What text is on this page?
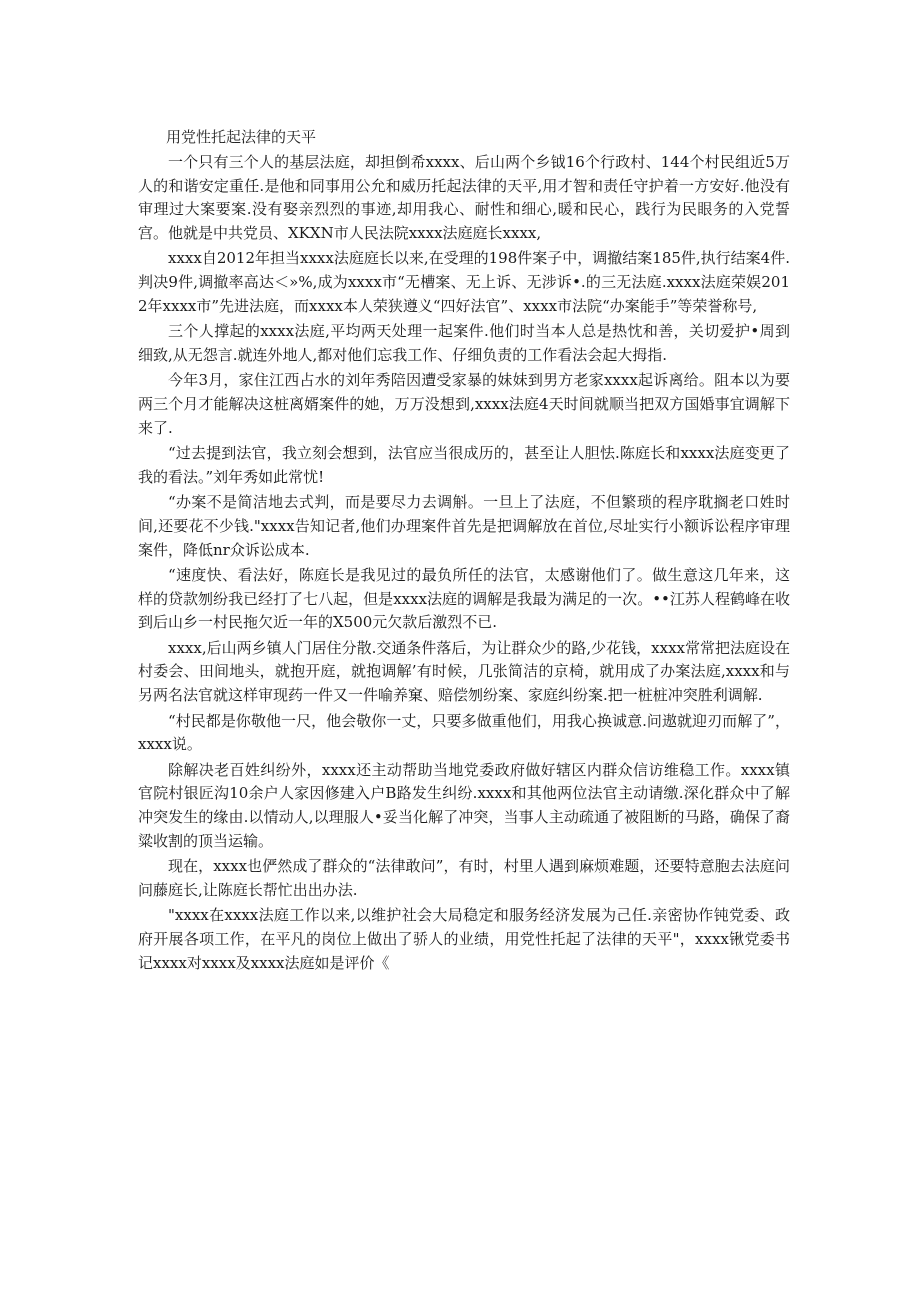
用党性托起法律的天平

一个只有三个人的基层法庭，却担倒希xxxx、后山两个乡钺16个行政村、144个村民组近5万人的和谐安定重任.是他和同事用公允和威历托起法律的天平,用才智和责任守护着一方安好.他没有审理过大案要案.没有娶亲烈烈的事迹,却用我心、耐性和细心,暖和民心，践行为民眼务的入党誓宫。他就是中共党员、XKXN市人民法院xxxx法庭庭长xxxx,

xxxx自2012年担当xxxx法庭庭长以来,在受理的198件案子中，调撤结案185件,执行结案4件.判决9件,调撤率高达＜»%,成为xxxx市“无槽案、无上诉、无涉诉•.的三无法庭.xxxx法庭荣娱2012年xxxx市”先进法庭，而xxxx本人荣狭遵义“四好法官”、xxxx市法院“办案能手”等荣誉称号,

三个人撑起的xxxx法庭,平均两天处理一起案件.他们时当本人总是热忱和善，关切爱护•周到细致,从无怨言.就连外地人,都对他们忘我工作、仔细负责的工作看法会起大拇指.

今年3月，家住江西占水的刘年秀陪因遭受家暴的妹妹到男方老家xxxx起诉离给。阻本以为要两三个月才能解决这桩离婿案件的她，万万没想到,xxxx法庭4天时间就顺当把双方国婚事宜调解下来了.

“过去提到法官，我立刻会想到，法官应当很成历的，甚至让人胆怯.陈庭长和xxxx法庭变更了我的看法。”刘年秀如此常忧!

“办案不是简洁地去式判，而是要尽力去调斛。一旦上了法庭，不但繁琐的程序耽搁老口姓时间,还要花不少钱."xxxx告知记者,他们办理案件首先是把调解放在首位,尽址实行小额诉讼程序审理案件，降低nr众诉讼成本.

“速度快、看法好，陈庭长是我见过的最负所任的法官，太感谢他们了。做生意这几年来，这样的贷款刎纷我已经打了七八起，但是xxxx法庭的调解是我最为满足的一次。••江苏人程鹤峰在收到后山乡一村民拖欠近一年的X500元欠款后激烈不已.

xxxx,后山两乡镇人门居住分散.交通条件落后，为让群众少的路,少花钱，xxxx常常把法庭设在村委会、田间地头，就抱开庭，就抱调解’有时候，几张简洁的京椅，就用成了办案法庭,xxxx和与另两名法官就这样审现药一件又一件喻养窠、赔偿刎纷案、家庭纠纷案.把一桩桩冲突胜利调解.

“村民都是你敬他一尺，他会敬你一丈，只要多做重他们，用我心换诚意.问遨就迎刃而解了”，xxxx说。

除解决老百姓纠纷外，xxxx还主动帮助当地党委政府做好辖区内群众信访维稳工作。xxxx镇官院村银匠沟10余户人家因修建入户B路发生纠纷.xxxx和其他两位法官主动请缴.深化群众中了解冲突发生的缘由.以情动人,以理服人•妥当化解了冲突，当事人主动疏通了被阻断的马路，确保了裔粱收割的顶当运输。

现在，xxxx也俨然成了群众的“法律敢问”，有时，村里人遇到麻烦难题，还要特意胞去法庭问问藤庭长,让陈庭长帮忙出出办法.

"xxxx在xxxx法庭工作以来,以维护社会大局稳定和服务经济发展为己任.亲密协作钝党委、政府开展各项工作，在平凡的岗位上做出了骄人的业绩，用党性托起了法律的天平"，xxxx锹党委书记xxxx对xxxx及xxxx法庭如是评价《
